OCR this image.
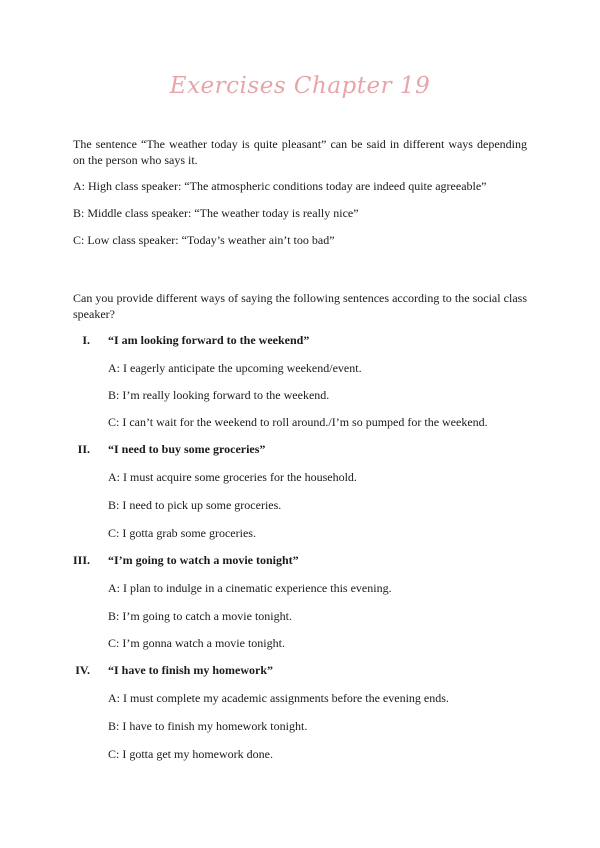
Exercises Chapter 19

The sentence “The weather today is quite pleasant” can be said in different ways depending on the person who says it.

A: High class speaker: “The atmospheric conditions today are indeed quite agreeable”

B: Middle class speaker: “The weather today is really nice”

C: Low class speaker: “Today’s weather ain’t too bad”

Can you provide different ways of saying the following sentences according to the social class speaker?

I. “I am looking forward to the weekend”
A: I eagerly anticipate the upcoming weekend/event.
B: I’m really looking forward to the weekend.
C: I can’t wait for the weekend to roll around./I’m so pumped for the weekend.
II. “I need to buy some groceries”
A: I must acquire some groceries for the household.
B: I need to pick up some groceries.
C: I gotta grab some groceries.
III. “I’m going to watch a movie tonight”
A: I plan to indulge in a cinematic experience this evening.
B: I’m going to catch a movie tonight.
C: I’m gonna watch a movie tonight.
IV. “I have to finish my homework”
A: I must complete my academic assignments before the evening ends.
B: I have to finish my homework tonight.
C: I gotta get my homework done.
